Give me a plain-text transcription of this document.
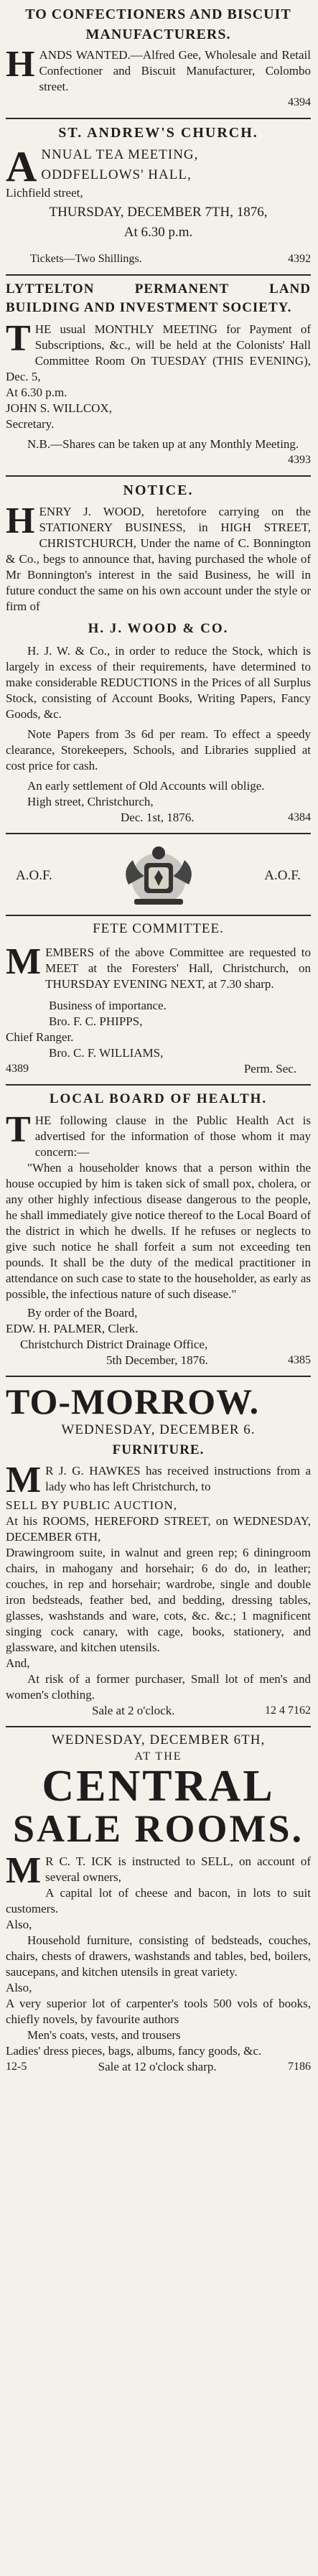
TO CONFECTIONERS AND BISCUIT MANUFACTURERS.
H ANDS WANTED.—Alfred Gee, Wholesale and Retail Confectioner and Biscuit Manufacturer, Colombo street.
4394
ST. ANDREW'S CHURCH.
A NNUAL TEA MEETING,
ODDFELLOWS' HALL,
Lichfield street,
THURSDAY, DECEMBER 7TH, 1876,
At 6.30 p.m.
Tickets—Two Shillings.	4392
LYTTELTON PERMANENT LAND BUILDING AND INVESTMENT SOCIETY.
T HE usual MONTHLY MEETING for Payment of Subscriptions, &c., will be held at the Colonists' Hall Committee Room On TUESDAY (THIS EVENING), Dec. 5,
At 6.30 p.m.
JOHN S. WILLCOX,
Secretary.
N.B.—Shares can be taken up at any Monthly Meeting.
4393
NOTICE.
H ENRY J. WOOD, heretofore carrying on the STATIONERY BUSINESS, in HIGH STREET, CHRISTCHURCH, Under the name of C. Bonnington & Co., begs to announce that, having purchased the whole of Mr Bonnington's interest in the said Business, he will in future conduct the same on his own account under the style or firm of
H. J. WOOD & CO.
H. J. W. & Co., in order to reduce the Stock, which is largely in excess of their requirements, have determined to make considerable REDUCTIONS in the Prices of all Surplus Stock, consisting of Account Books, Writing Papers, Fancy Goods, &c.
Note Papers from 3s 6d per ream. To effect a speedy clearance, Storekeepers, Schools, and Libraries supplied at cost price for cash.
An early settlement of Old Accounts will oblige.
High street, Christchurch,
Dec. 1st, 1876.	4384
A.O.F.	A.O.F.
FETE COMMITTEE.
M EMBERS of the above Committee are requested to MEET at the Foresters' Hall, Christchurch, on THURSDAY EVENING NEXT, at 7.30 sharp.
Business of importance.
Bro. F. C. PHIPPS,
Chief Ranger.
Bro. C. F. WILLIAMS,
4389	Perm. Sec.
LOCAL BOARD OF HEALTH.
T HE following clause in the Public Health Act is advertised for the information of those whom it may concern:—
"When a householder knows that a person within the house occupied by him is taken sick of small pox, cholera, or any other highly infectious disease dangerous to the people, he shall immediately give notice thereof to the Local Board of the district in which he dwells. If he refuses or neglects to give such notice he shall forfeit a sum not exceeding ten pounds. It shall be the duty of the medical practitioner in attendance on such case to state to the householder, as early as possible, the infectious nature of such disease."
By order of the Board,
EDW. H. PALMER, Clerk.
Christchurch District Drainage Office,
5th December, 1876.	4385
TO-MORROW.
WEDNESDAY, DECEMBER 6.
FURNITURE.
M R J. G. HAWKES has received instructions from a lady who has left Christchurch, to
SELL BY PUBLIC AUCTION,
At his ROOMS, HEREFORD STREET, on WEDNESDAY, DECEMBER 6TH,
Drawingroom suite, in walnut and green rep; 6 diningroom chairs, in mahogany and horsehair; 6 do do, in leather; couches, in rep and horsehair; wardrobe, single and double iron bedsteads, feather bed, and bedding, dressing tables, glasses, washstands and ware, cots, &c. &c.; 1 magnificent singing cock canary, with cage, books, stationery, and glassware, and kitchen utensils.
And,
At risk of a former purchaser, Small lot of men's and women's clothing.
Sale at 2 o'clock.	12 4 7162
WEDNESDAY, DECEMBER 6TH,
AT THE
CENTRAL
SALE ROOMS.
M R C. T. ICK is instructed to SELL, on account of several owners,
A capital lot of cheese and bacon, in lots to suit customers.
Also,
Household furniture, consisting of bedsteads, couches, chairs, chests of drawers, washstands and tables, bed, boilers, saucepans, and kitchen utensils in great variety.
Also,
A very superior lot of carpenter's tools 500 vols of books, chiefly novels, by favourite authors
Men's coats, vests, and trousers
Ladies' dress pieces, bags, albums, fancy goods, &c.
12-5	Sale at 12 o'clock sharp.	7186
